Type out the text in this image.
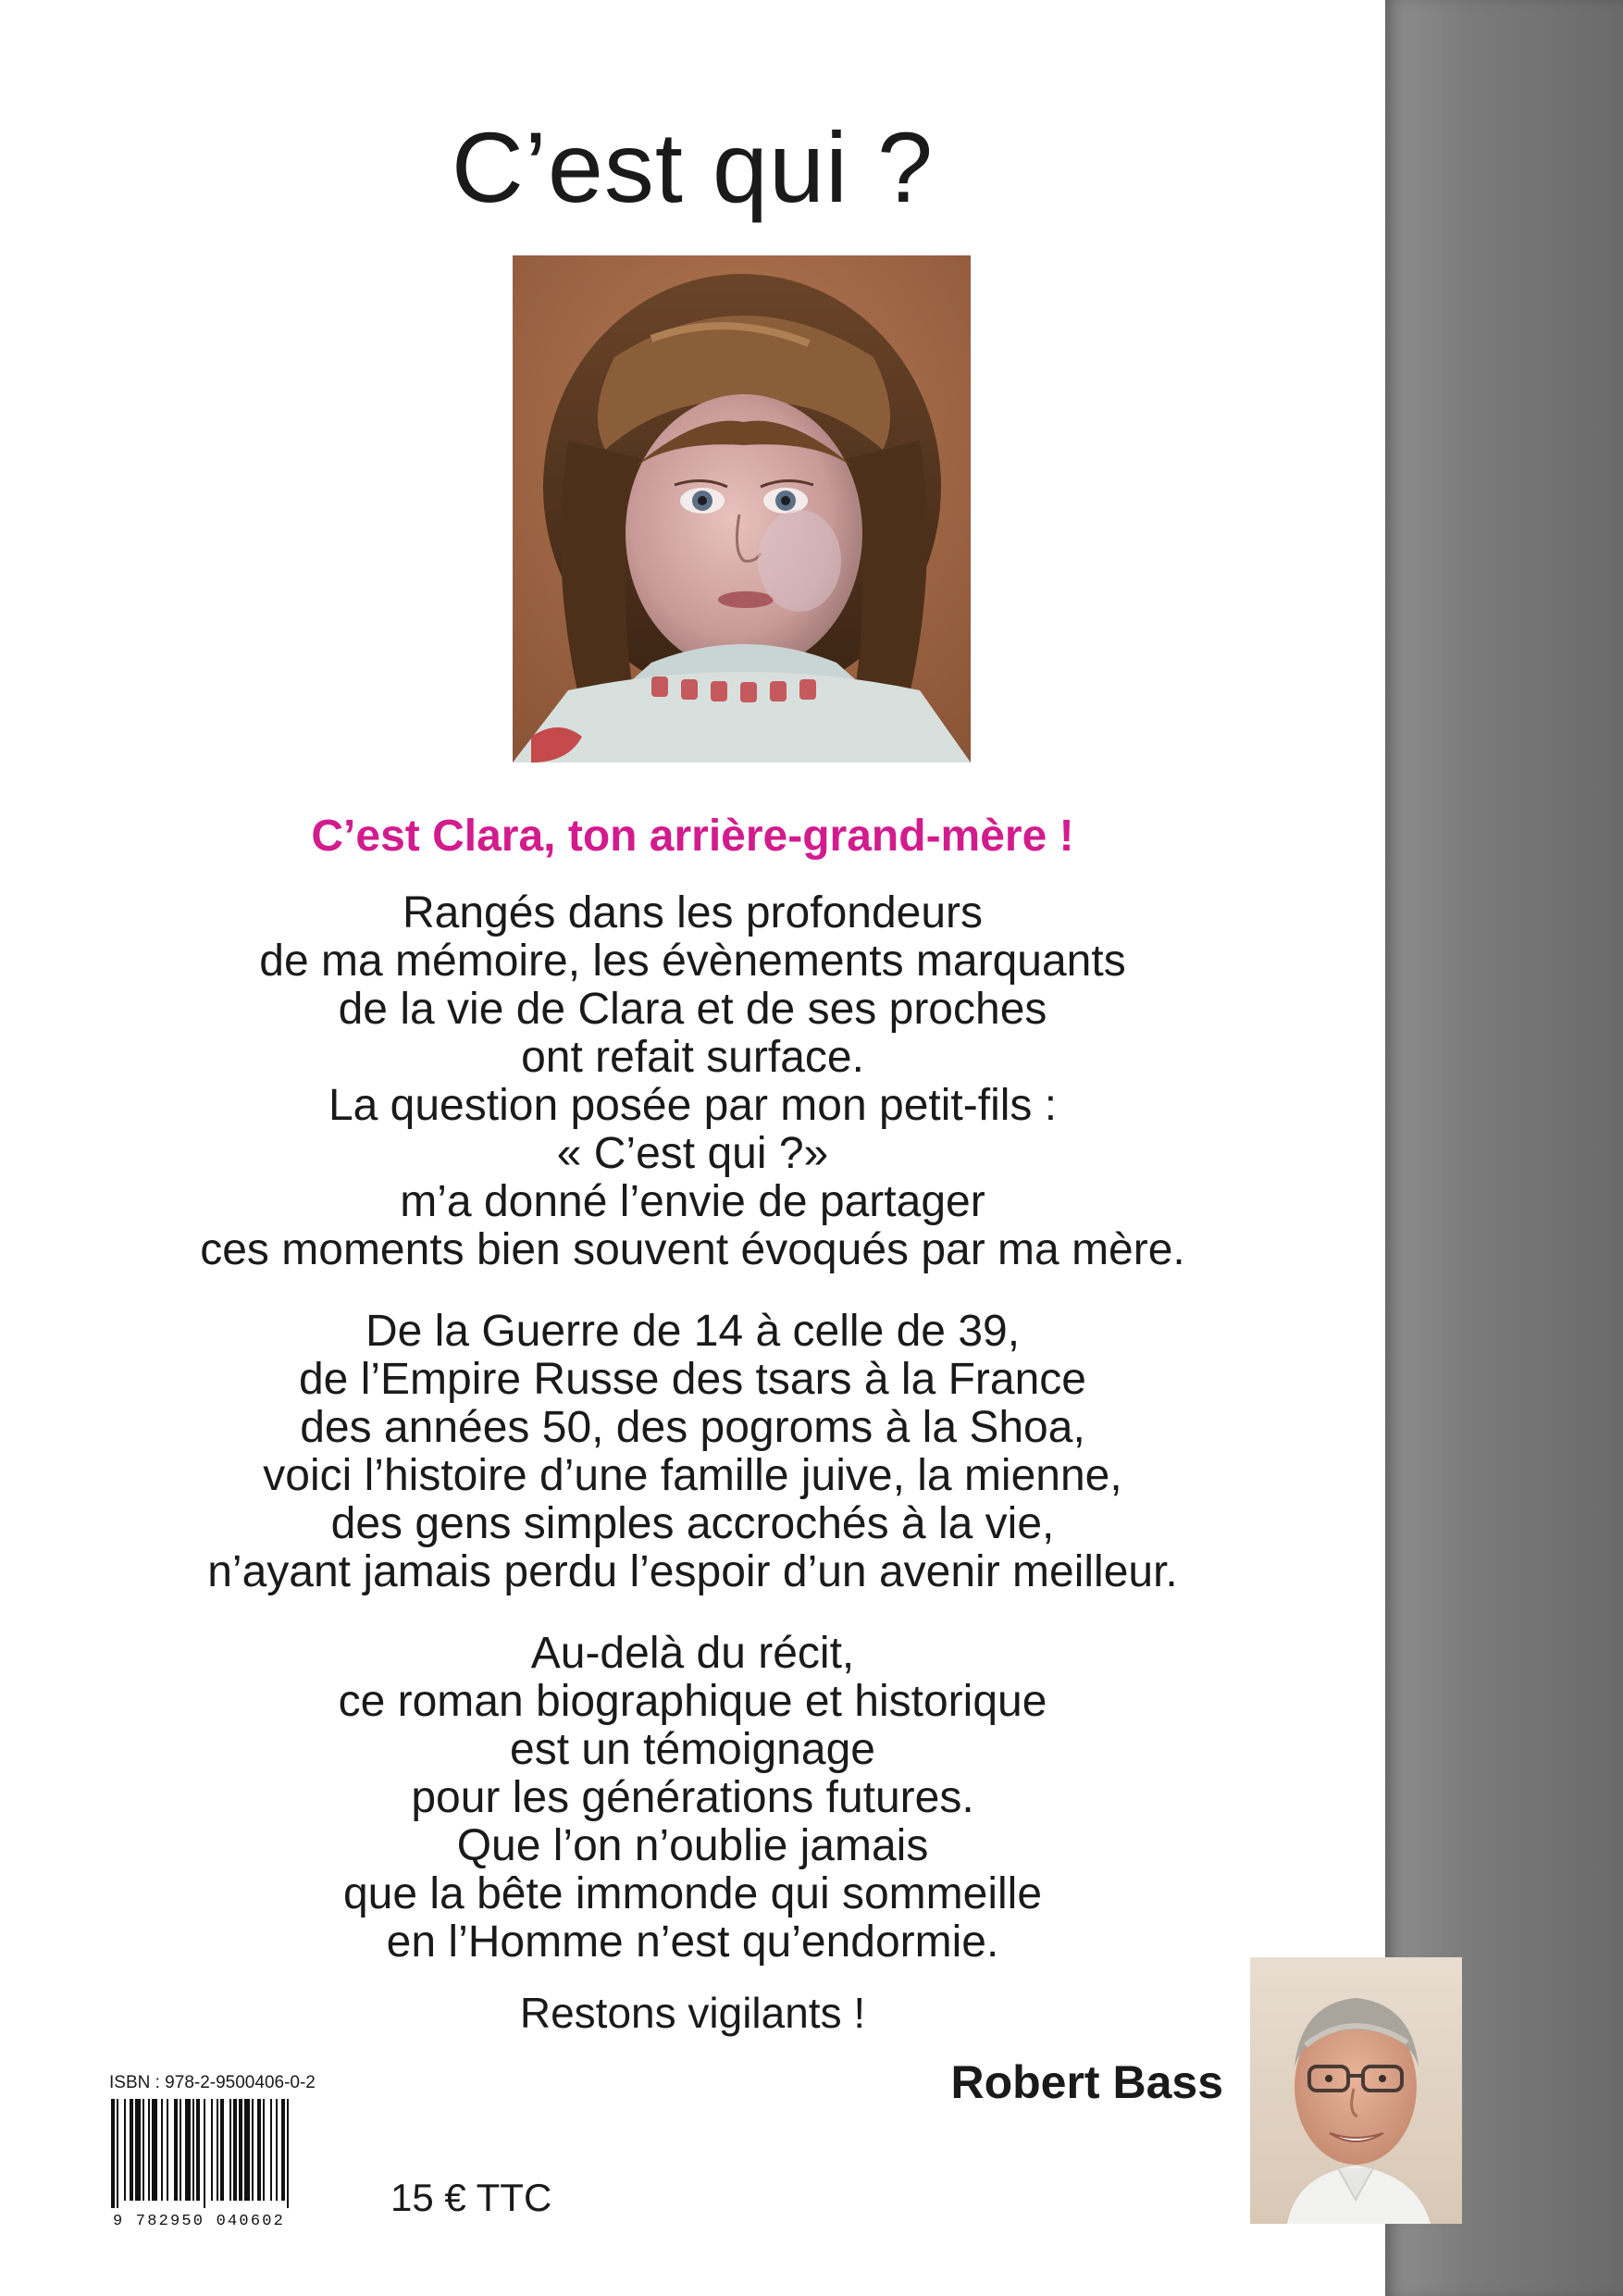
C’est qui ?
C’est Clara, ton arrière-grand-mère !
Rangés dans les profondeurs
de ma mémoire, les évènements marquants
de la vie de Clara et de ses proches
ont refait surface.
La question posée par mon petit-fils :
« C’est qui ?»
m’a donné l’envie de partager
ces moments bien souvent évoqués par ma mère.
De la Guerre de 14 à celle de 39,
de l’Empire Russe des tsars à la France
des années 50, des pogroms à la Shoa,
voici l’histoire d’une famille juive, la mienne,
des gens simples accrochés à la vie,
n’ayant jamais perdu l’espoir d’un avenir meilleur.
Au-delà du récit,
ce roman biographique et historique
est un témoignage
pour les générations futures.
Que l’on n’oublie jamais
que la bête immonde qui sommeille
en l’Homme n’est qu’endormie.

Restons vigilants !

Robert Bass

ISBN : 978-2-9500406-0-2
9 782950 040602
15 € TTC
